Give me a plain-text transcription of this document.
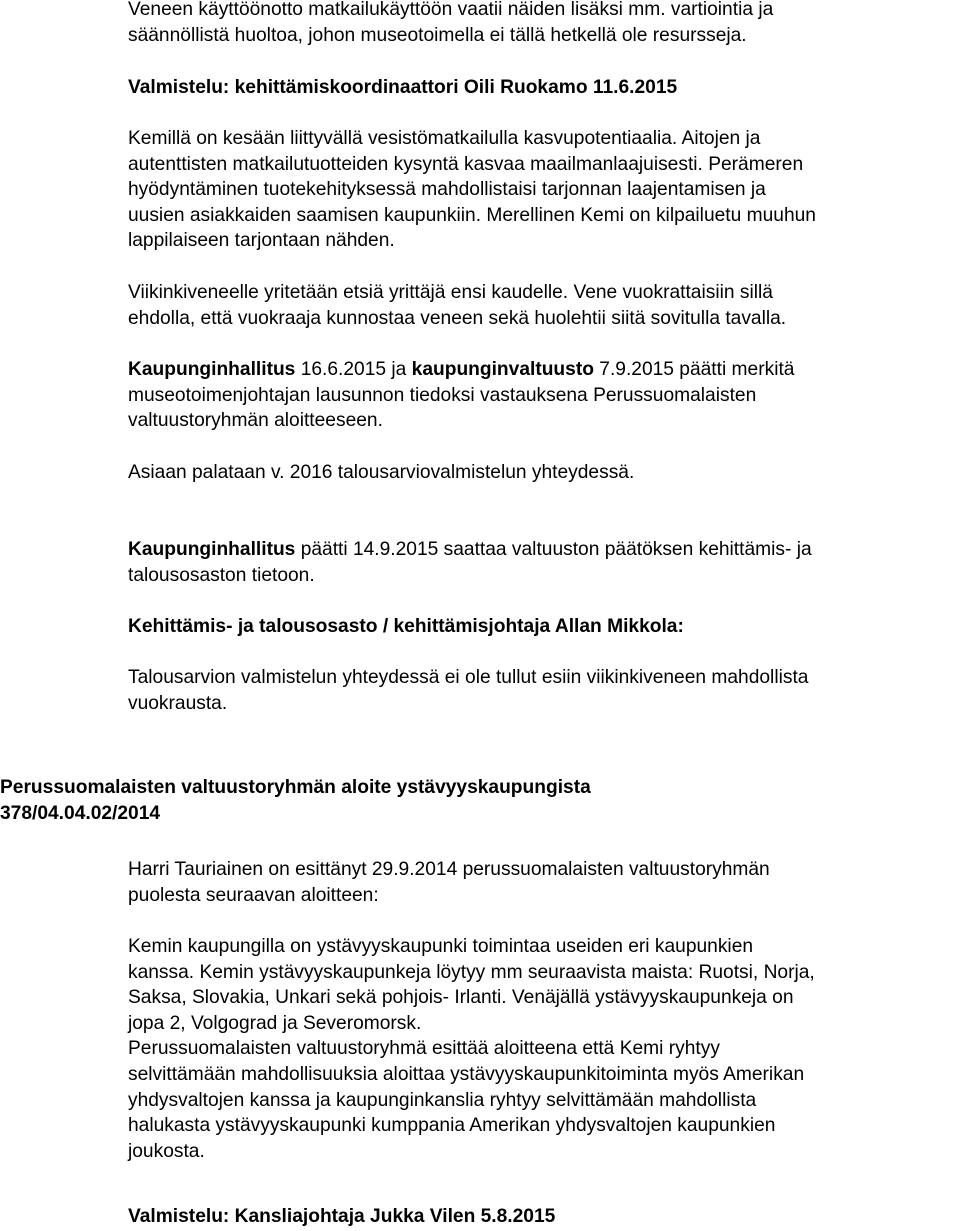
Veneen käyttöönotto matkailukäyttöön vaatii näiden lisäksi mm. vartiointia ja
säännöllistä huoltoa, johon museotoimella ei tällä hetkellä ole resursseja.
Valmistelu: kehittämiskoordinaattori Oili Ruokamo 11.6.2015
Kemillä on kesään liittyvällä vesistömatkailulla kasvupotentiaalia. Aitojen ja
autenttisten matkailutuotteiden kysyntä kasvaa maailmanlaajuisesti. Perämeren
hyödyntäminen tuotekehityksessä mahdollistaisi tarjonnan laajentamisen ja
uusien asiakkaiden saamisen kaupunkiin. Merellinen Kemi on kilpailuetu muuhun
lappilaiseen tarjontaan nähden.
Viikinkiveneelle yritetään etsiä yrittäjä ensi kaudelle. Vene vuokrattaisiin sillä
ehdolla, että vuokraaja kunnostaa veneen sekä huolehtii siitä sovitulla tavalla.
Kaupunginhallitus 16.6.2015 ja kaupunginvaltuusto 7.9.2015 päätti merkitä
museotoimenjohtajan lausunnon tiedoksi vastauksena Perussuomalaisten
valtuustoryhmän aloitteeseen.
Asiaan palataan v. 2016 talousarviovalmistelun yhteydessä.
Kaupunginhallitus päätti 14.9.2015 saattaa valtuuston päätöksen kehittämis- ja
talousosaston tietoon.
Kehittämis- ja talousosasto / kehittämisjohtaja Allan Mikkola:
Talousarvion valmistelun yhteydessä ei ole tullut esiin viikinkiveneen mahdollista
vuokrausta.
Perussuomalaisten valtuustoryhmän aloite ystävyyskaupungista
378/04.04.02/2014
Harri Tauriainen on esittänyt 29.9.2014 perussuomalaisten valtuustoryhmän
puolesta seuraavan aloitteen:
Kemin kaupungilla on ystävyyskaupunki toimintaa useiden eri kaupunkien
kanssa. Kemin ystävyyskaupunkeja löytyy mm seuraavista maista: Ruotsi, Norja,
Saksa, Slovakia, Unkari sekä pohjois- Irlanti. Venäjällä ystävyyskaupunkeja on
jopa 2, Volgograd ja Severomorsk.
Perussuomalaisten valtuustoryhmä esittää aloitteena että Kemi ryhtyy
selvittämään mahdollisuuksia aloittaa ystävyyskaupunkitoiminta myös Amerikan
yhdysvaltojen kanssa ja kaupunginkanslia ryhtyy selvittämään mahdollista
halukasta ystävyyskaupunki kumppania Amerikan yhdysvaltojen kaupunkien
joukosta.
Valmistelu: Kansliajohtaja Jukka Vilen 5.8.2015
